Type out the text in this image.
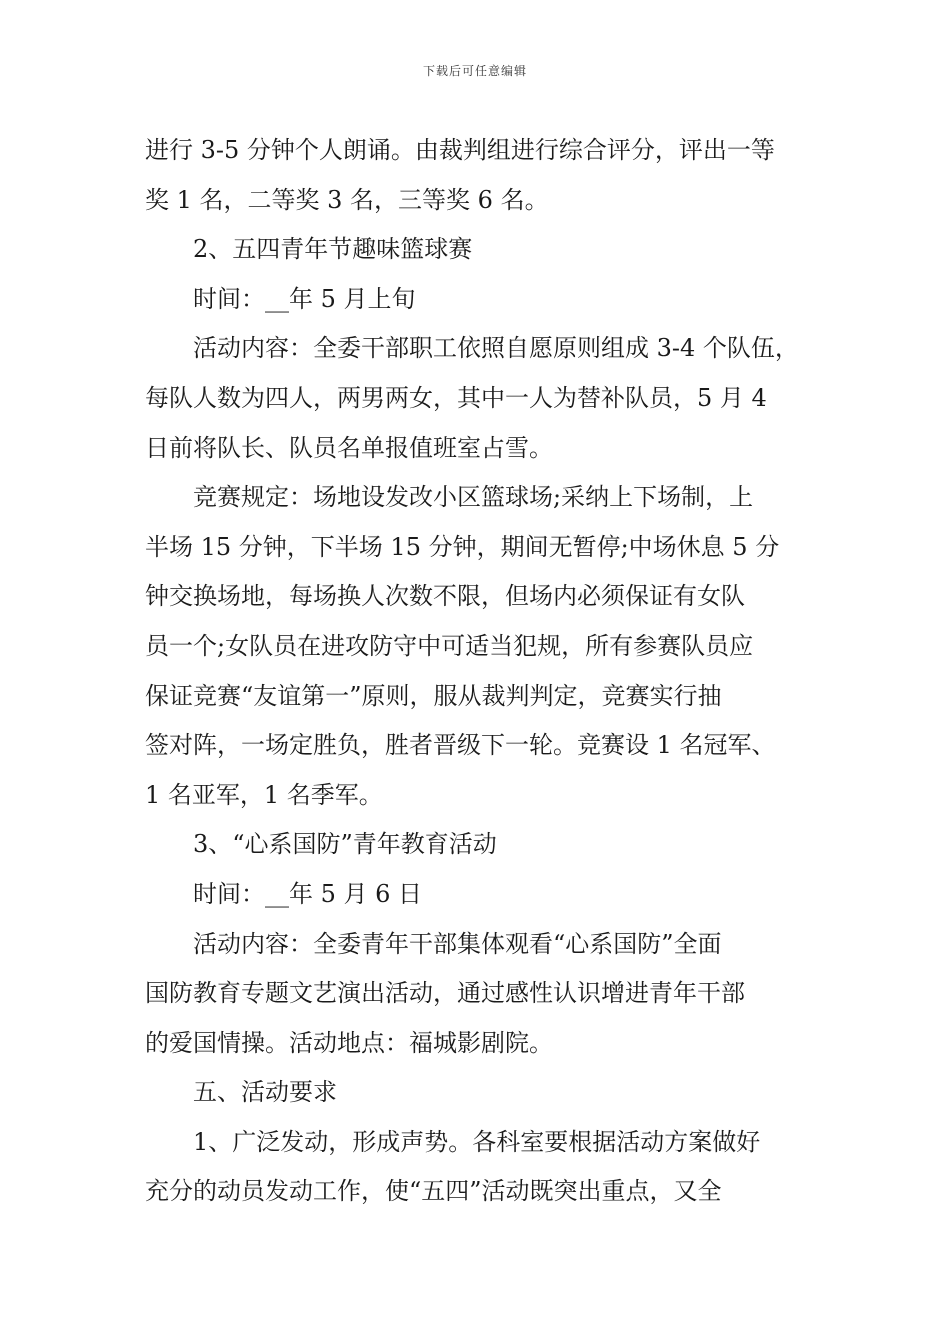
下载后可任意编辑

进行 3-5 分钟个人朗诵。由裁判组进行综合评分，评出一等

奖 1 名，二等奖 3 名，三等奖 6 名。

2、五四青年节趣味篮球赛

时间：__年 5 月上旬

活动内容：全委干部职工依照自愿原则组成 3-4 个队伍，

每队人数为四人，两男两女，其中一人为替补队员，5 月 4

日前将队长、队员名单报值班室占雪。

竞赛规定：场地设发改小区篮球场;采纳上下场制，上

半场 15 分钟，下半场 15 分钟，期间无暂停;中场休息 5 分

钟交换场地，每场换人次数不限，但场内必须保证有女队

员一个;女队员在进攻防守中可适当犯规，所有参赛队员应

保证竞赛“友谊第一”原则，服从裁判判定，竞赛实行抽

签对阵，一场定胜负，胜者晋级下一轮。竞赛设 1 名冠军、

1 名亚军，1 名季军。

3、“心系国防”青年教育活动

时间：__年 5 月 6 日

活动内容：全委青年干部集体观看“心系国防”全面

国防教育专题文艺演出活动，通过感性认识增进青年干部

的爱国情操。活动地点：福城影剧院。

五、活动要求

1、广泛发动，形成声势。各科室要根据活动方案做好

充分的动员发动工作，使“五四”活动既突出重点，又全
